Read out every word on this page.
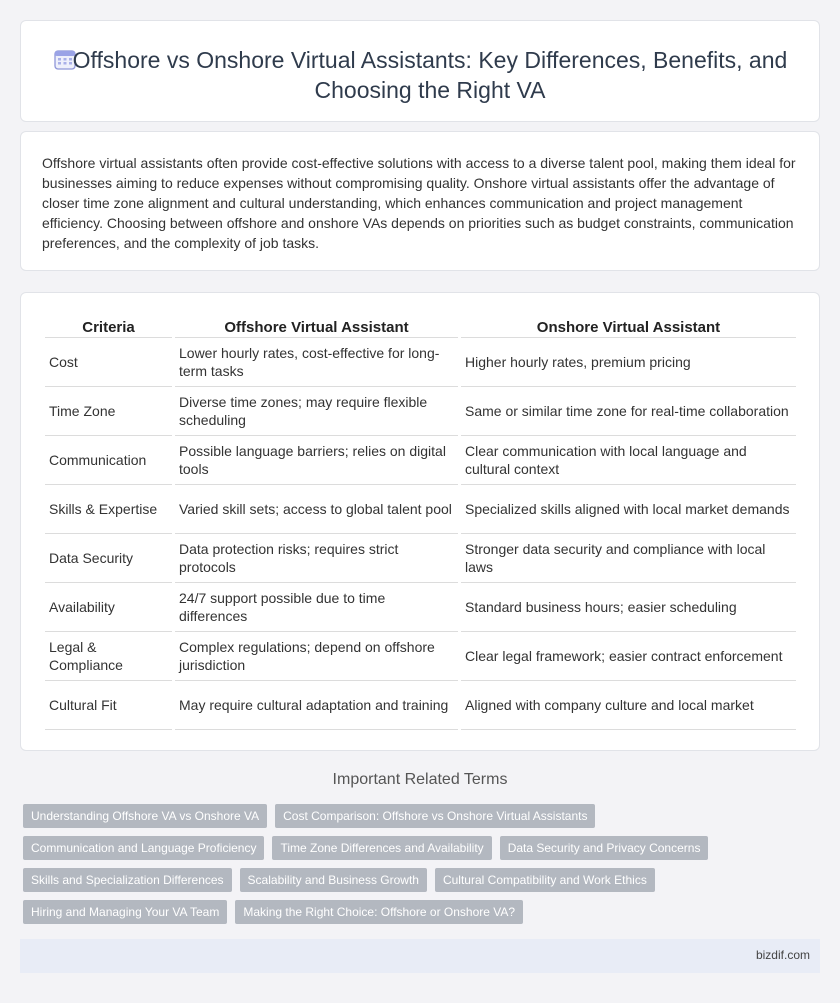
Offshore vs Onshore Virtual Assistants: Key Differences, Benefits, and Choosing the Right VA

Offshore virtual assistants often provide cost-effective solutions with access to a diverse talent pool, making them ideal for businesses aiming to reduce expenses without compromising quality. Onshore virtual assistants offer the advantage of closer time zone alignment and cultural understanding, which enhances communication and project management efficiency. Choosing between offshore and onshore VAs depends on priorities such as budget constraints, communication preferences, and the complexity of job tasks.

Criteria	Offshore Virtual Assistant	Onshore Virtual Assistant
Cost	Lower hourly rates, cost-effective for long-term tasks	Higher hourly rates, premium pricing
Time Zone	Diverse time zones; may require flexible scheduling	Same or similar time zone for real-time collaboration
Communication	Possible language barriers; relies on digital tools	Clear communication with local language and cultural context
Skills & Expertise	Varied skill sets; access to global talent pool	Specialized skills aligned with local market demands
Data Security	Data protection risks; requires strict protocols	Stronger data security and compliance with local laws
Availability	24/7 support possible due to time differences	Standard business hours; easier scheduling
Legal & Compliance	Complex regulations; depend on offshore jurisdiction	Clear legal framework; easier contract enforcement
Cultural Fit	May require cultural adaptation and training	Aligned with company culture and local market
Important Related Terms
Understanding Offshore VA vs Onshore VA	Cost Comparison: Offshore vs Onshore Virtual Assistants
Communication and Language Proficiency	Time Zone Differences and Availability	Data Security and Privacy Concerns
Skills and Specialization Differences	Scalability and Business Growth	Cultural Compatibility and Work Ethics
Hiring and Managing Your VA Team	Making the Right Choice: Offshore or Onshore VA?
bizdif.com
